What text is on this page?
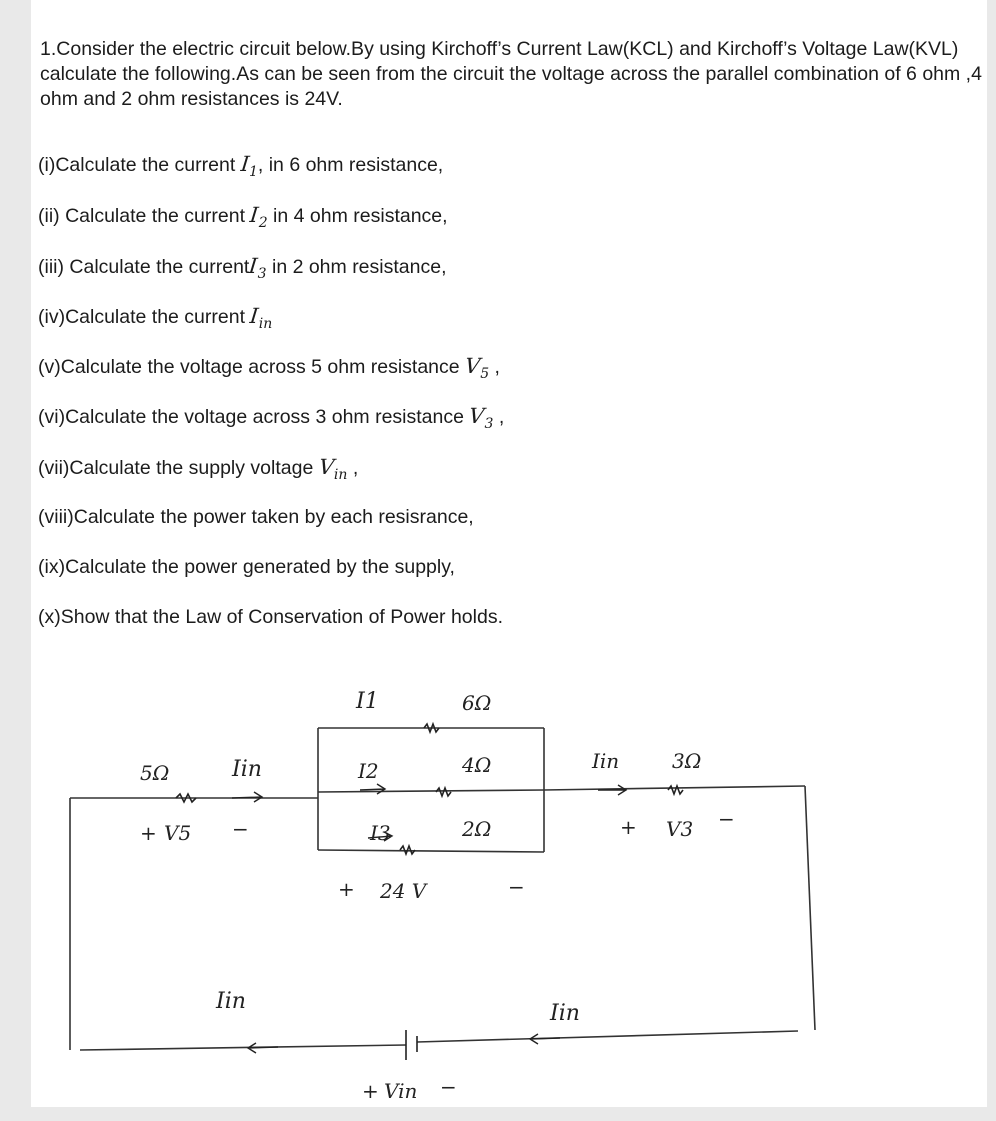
1.Consider the electric circuit below.By using Kirchoff’s Current Law(KCL) and Kirchoff’s Voltage Law(KVL) calculate the following.As can be seen from the circuit the voltage across the parallel combination of 6 ohm ,4 ohm and 2 ohm resistances is 24V.

(i)Calculate the current $I_1$, in 6 ohm resistance,
(ii) Calculate the current $I_2$ in 4 ohm resistance,
(iii) Calculate the currentI$_3$ in 2 ohm resistance,
(iv)Calculate the current $I_{in}$
(v)Calculate the voltage across 5 ohm resistance $V_5$ ,
(vi)Calculate the voltage across 3 ohm resistance $V_3$ ,
(vii)Calculate the supply voltage $V_{in}$ ,
(viii)Calculate the power taken by each resisrance,
(ix)Calculate the power generated by the supply,
(x)Show that the Law of Conservation of Power holds.
5Ω	Iin
+ V5 −
I1	6Ω
I2	4Ω
I3	2Ω
+ 24 V	−
Iin	3Ω
+ V3 −
Iin	Iin
+ Vin −
